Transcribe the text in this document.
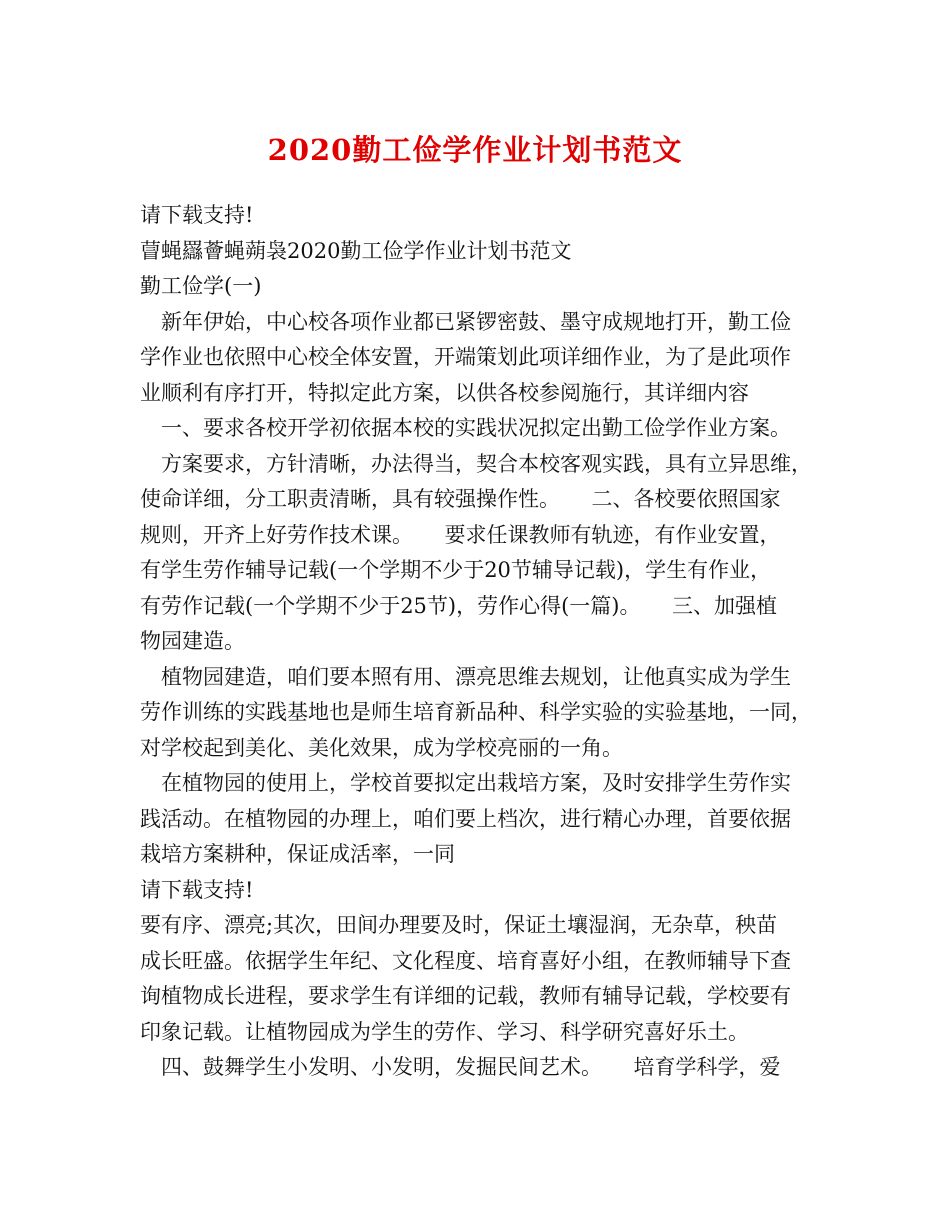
2020勤工俭学作业计划书范文
请下载支持!
萺蝇羉薈蝇蒴袅2020勤工俭学作业计划书范文
勤工俭学(一)
新年伊始，中心校各项作业都已紧锣密鼓、墨守成规地打开，勤工俭
学作业也依照中心校全体安置，开端策划此项详细作业，为了是此项作
业顺利有序打开，特拟定此方案，以供各校参阅施行，其详细内容
一、要求各校开学初依据本校的实践状况拟定出勤工俭学作业方案。
方案要求，方针清晰，办法得当，契合本校客观实践，具有立异思维，
使命详细，分工职责清晰，具有较强操作性。　　二、各校要依照国家
规则，开齐上好劳作技术课。　　要求任课教师有轨迹，有作业安置，
有学生劳作辅导记载(一个学期不少于20节辅导记载)，学生有作业，
有劳作记载(一个学期不少于25节)，劳作心得(一篇)。　　三、加强植
物园建造。
植物园建造，咱们要本照有用、漂亮思维去规划，让他真实成为学生
劳作训练的实践基地也是师生培育新品种、科学实验的实验基地，一同，
对学校起到美化、美化效果，成为学校亮丽的一角。
在植物园的使用上，学校首要拟定出栽培方案，及时安排学生劳作实
践活动。在植物园的办理上，咱们要上档次，进行精心办理，首要依据
栽培方案耕种，保证成活率，一同
请下载支持!
要有序、漂亮;其次，田间办理要及时，保证土壤湿润，无杂草，秧苗
成长旺盛。依据学生年纪、文化程度、培育喜好小组，在教师辅导下查
询植物成长进程，要求学生有详细的记载，教师有辅导记载，学校要有
印象记载。让植物园成为学生的劳作、学习、科学研究喜好乐土。
四、鼓舞学生小发明、小发明，发掘民间艺术。　　培育学科学，爱
